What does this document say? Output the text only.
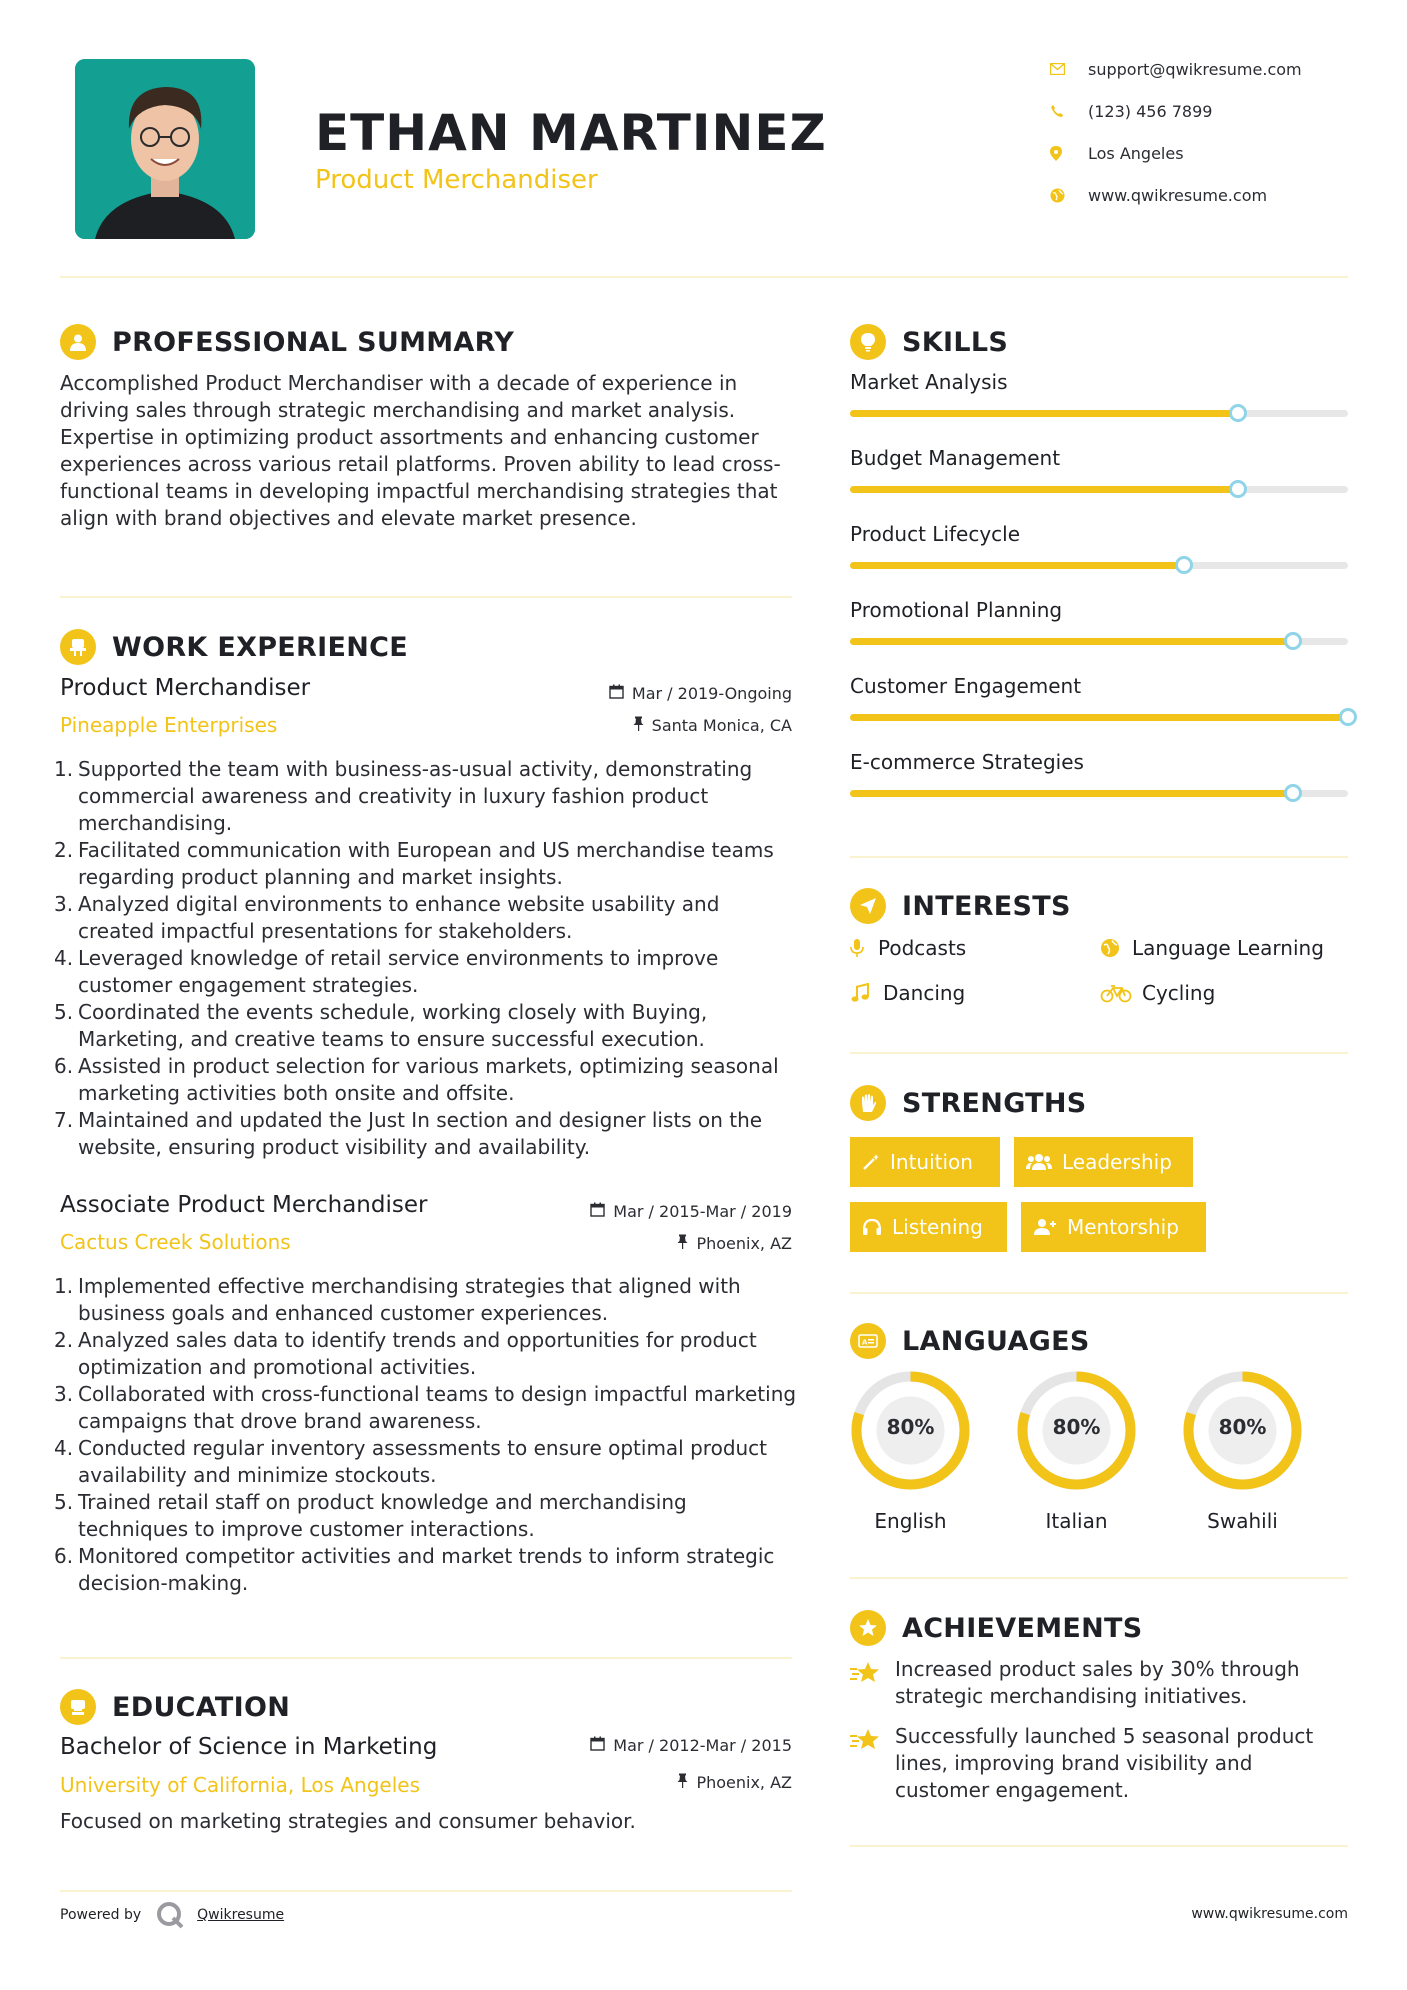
ETHAN MARTINEZ
Product Merchandiser
support@qwikresume.com
(123) 456 7899
Los Angeles
www.qwikresume.com
PROFESSIONAL SUMMARY
Accomplished Product Merchandiser with a decade of experience in driving sales through strategic merchandising and market analysis. Expertise in optimizing product assortments and enhancing customer experiences across various retail platforms. Proven ability to lead cross-functional teams in developing impactful merchandising strategies that align with brand objectives and elevate market presence.
WORK EXPERIENCE
Product Merchandiser	Mar / 2019-Ongoing
Pineapple Enterprises	Santa Monica, CA
1. Supported the team with business-as-usual activity, demonstrating commercial awareness and creativity in luxury fashion product merchandising.
2. Facilitated communication with European and US merchandise teams regarding product planning and market insights.
3. Analyzed digital environments to enhance website usability and created impactful presentations for stakeholders.
4. Leveraged knowledge of retail service environments to improve customer engagement strategies.
5. Coordinated the events schedule, working closely with Buying, Marketing, and creative teams to ensure successful execution.
6. Assisted in product selection for various markets, optimizing seasonal marketing activities both onsite and offsite.
7. Maintained and updated the Just In section and designer lists on the website, ensuring product visibility and availability.
Associate Product Merchandiser	Mar / 2015-Mar / 2019
Cactus Creek Solutions	Phoenix, AZ
1. Implemented effective merchandising strategies that aligned with business goals and enhanced customer experiences.
2. Analyzed sales data to identify trends and opportunities for product optimization and promotional activities.
3. Collaborated with cross-functional teams to design impactful marketing campaigns that drove brand awareness.
4. Conducted regular inventory assessments to ensure optimal product availability and minimize stockouts.
5. Trained retail staff on product knowledge and merchandising techniques to improve customer interactions.
6. Monitored competitor activities and market trends to inform strategic decision-making.
EDUCATION
Bachelor of Science in Marketing	Mar / 2012-Mar / 2015
University of California, Los Angeles	Phoenix, AZ
Focused on marketing strategies and consumer behavior.
SKILLS
Market Analysis
Budget Management
Product Lifecycle
Promotional Planning
Customer Engagement
E-commerce Strategies
INTERESTS
Podcasts	Language Learning
Dancing	Cycling
STRENGTHS
Intuition	Leadership
Listening	Mentorship
A LANGUAGES
80%
English
80%
Italian
80%
Swahili
ACHIEVEMENTS
Increased product sales by 30% through strategic merchandising initiatives.
Successfully launched 5 seasonal product lines, improving brand visibility and customer engagement.
Powered by	Qwikresume	www.qwikresume.com
